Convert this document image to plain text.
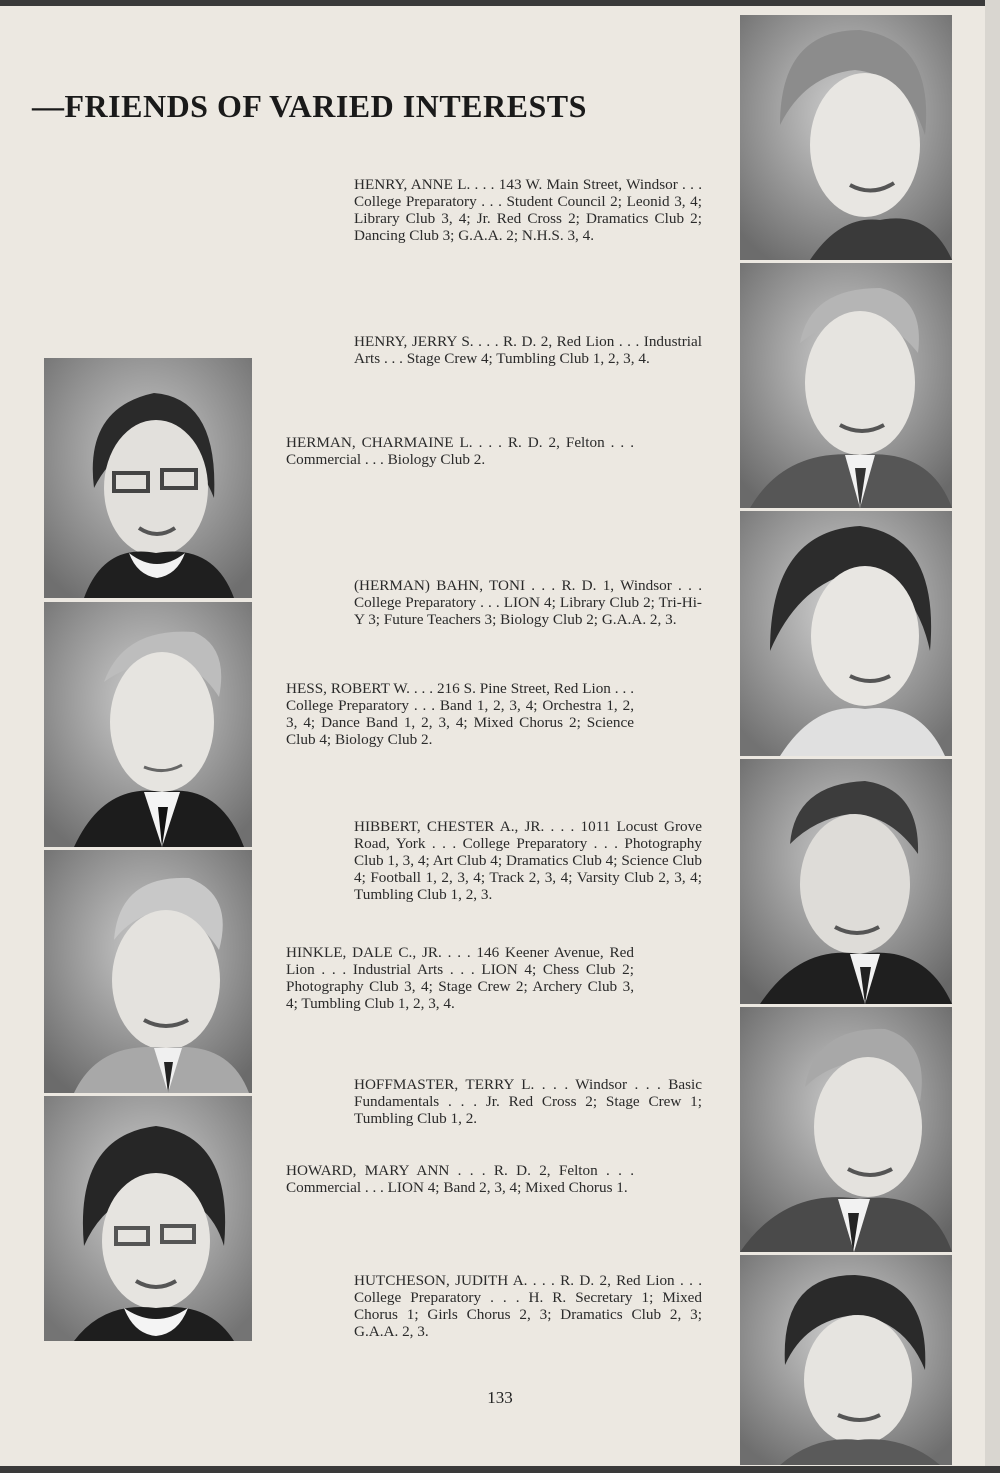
—FRIENDS OF VARIED INTERESTS
HENRY, ANNE L. . . . 143 W. Main Street, Windsor . . . College Preparatory . . . Student Council 2; Leonid 3, 4; Library Club 3, 4; Jr. Red Cross 2; Dramatics Club 2; Dancing Club 3; G.A.A. 2; N.H.S. 3, 4.
HENRY, JERRY S. . . . R. D. 2, Red Lion . . . Industrial Arts . . . Stage Crew 4; Tumbling Club 1, 2, 3, 4.
HERMAN, CHARMAINE L. . . . R. D. 2, Felton . . . Commercial . . . Biology Club 2.
(HERMAN) BAHN, TONI . . . R. D. 1, Windsor . . . College Preparatory . . . LION 4; Library Club 2; Tri-Hi-Y 3; Future Teachers 3; Biology Club 2; G.A.A. 2, 3.
HESS, ROBERT W. . . . 216 S. Pine Street, Red Lion . . . College Preparatory . . . Band 1, 2, 3, 4; Orchestra 1, 2, 3, 4; Dance Band 1, 2, 3, 4; Mixed Chorus 2; Science Club 4; Biology Club 2.
HIBBERT, CHESTER A., JR. . . . 1011 Locust Grove Road, York . . . College Preparatory . . . Photography Club 1, 3, 4; Art Club 4; Dramatics Club 4; Science Club 4; Football 1, 2, 3, 4; Track 2, 3, 4; Varsity Club 2, 3, 4; Tumbling Club 1, 2, 3.
HINKLE, DALE C., JR. . . . 146 Keener Avenue, Red Lion . . . Industrial Arts . . . LION 4; Chess Club 2; Photography Club 3, 4; Stage Crew 2; Archery Club 3, 4; Tumbling Club 1, 2, 3, 4.
HOFFMASTER, TERRY L. . . . Windsor . . . Basic Fundamentals . . . Jr. Red Cross 2; Stage Crew 1; Tumbling Club 1, 2.
HOWARD, MARY ANN . . . R. D. 2, Felton . . . Commercial . . . LION 4; Band 2, 3, 4; Mixed Chorus 1.
HUTCHESON, JUDITH A. . . . R. D. 2, Red Lion . . . College Preparatory . . . H. R. Secretary 1; Mixed Chorus 1; Girls Chorus 2, 3; Dramatics Club 2, 3; G.A.A. 2, 3.
133
